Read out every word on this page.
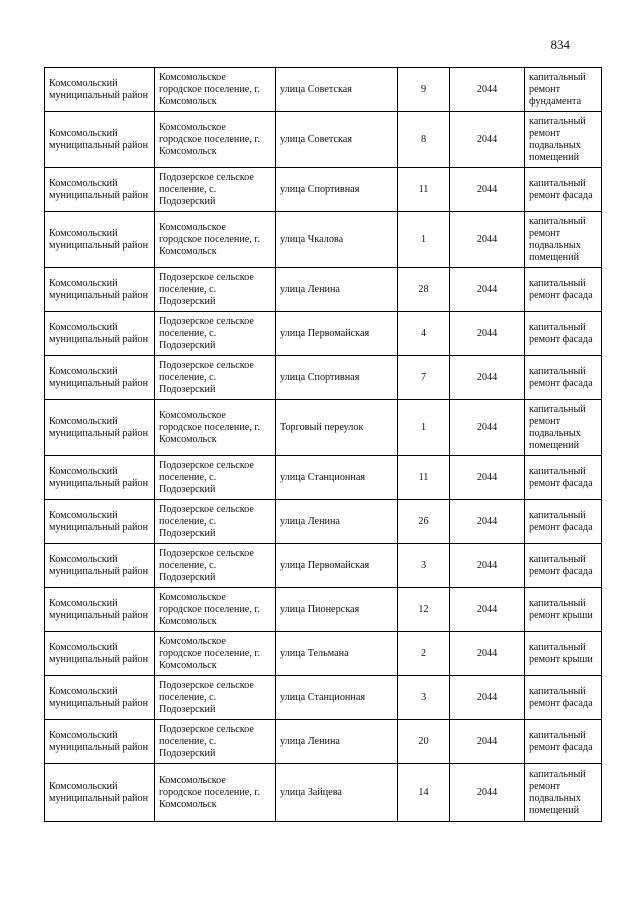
834
Комсомольский муниципальный район	Комсомольское городское поселение, г. Комсомольск	улица Советская	9	2044	капитальный ремонт фундамента
Комсомольский муниципальный район	Комсомольское городское поселение, г. Комсомольск	улица Советская	8	2044	капитальный ремонт подвальных помещений
Комсомольский муниципальный район	Подозерское сельское поселение, с. Подозерский	улица Спортивная	11	2044	капитальный ремонт фасада
Комсомольский муниципальный район	Комсомольское городское поселение, г. Комсомольск	улица Чкалова	1	2044	капитальный ремонт подвальных помещений
Комсомольский муниципальный район	Подозерское сельское поселение, с. Подозерский	улица Ленина	28	2044	капитальный ремонт фасада
Комсомольский муниципальный район	Подозерское сельское поселение, с. Подозерский	улица Первомайская	4	2044	капитальный ремонт фасада
Комсомольский муниципальный район	Подозерское сельское поселение, с. Подозерский	улица Спортивная	7	2044	капитальный ремонт фасада
Комсомольский муниципальный район	Комсомольское городское поселение, г. Комсомольск	Торговый переулок	1	2044	капитальный ремонт подвальных помещений
Комсомольский муниципальный район	Подозерское сельское поселение, с. Подозерский	улица Станционная	11	2044	капитальный ремонт фасада
Комсомольский муниципальный район	Подозерское сельское поселение, с. Подозерский	улица Ленина	26	2044	капитальный ремонт фасада
Комсомольский муниципальный район	Подозерское сельское поселение, с. Подозерский	улица Первомайская	3	2044	капитальный ремонт фасада
Комсомольский муниципальный район	Комсомольское городское поселение, г. Комсомольск	улица Пионерская	12	2044	капитальный ремонт крыши
Комсомольский муниципальный район	Комсомольское городское поселение, г. Комсомольск	улица Тельмана	2	2044	капитальный ремонт крыши
Комсомольский муниципальный район	Подозерское сельское поселение, с. Подозерский	улица Станционная	3	2044	капитальный ремонт фасада
Комсомольский муниципальный район	Подозерское сельское поселение, с. Подозерский	улица Ленина	20	2044	капитальный ремонт фасада
Комсомольский муниципальный район	Комсомольское городское поселение, г. Комсомольск	улица Зайцева	14	2044	капитальный ремонт подвальных помещений
